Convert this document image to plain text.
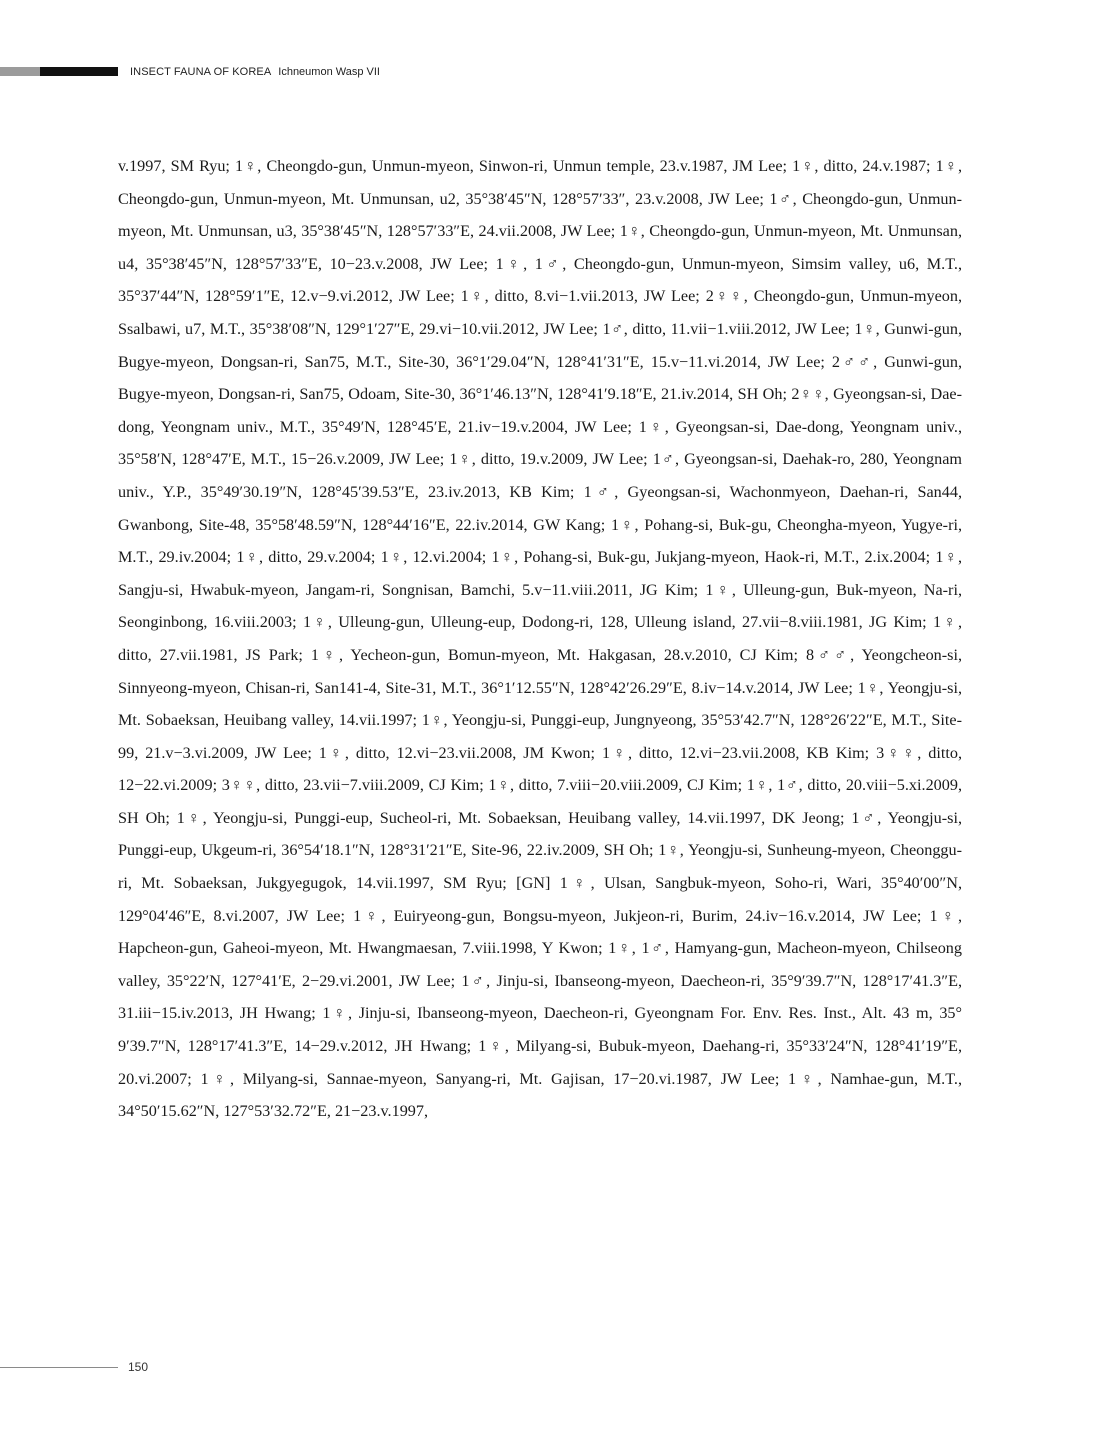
INSECT FAUNA OF KOREA Ichneumon Wasp VII

v.1997, SM Ryu; 1♀, Cheongdo-gun, Unmun-myeon, Sinwon-ri, Unmun temple, 23.v.1987, JM Lee; 1♀, ditto, 24.v.1987; 1♀, Cheongdo-gun, Unmun-myeon, Mt. Unmunsan, u2, 35°38′45″N, 128°57′33″, 23.v.2008, JW Lee; 1♂, Cheongdo-gun, Unmun-myeon, Mt. Unmunsan, u3, 35°38′45″N, 128°57′33″E, 24.vii.2008, JW Lee; 1♀, Cheongdo-gun, Unmun-myeon, Mt. Unmunsan, u4, 35°38′45″N, 128°57′33″E, 10−23.v.2008, JW Lee; 1♀, 1♂, Cheongdo-gun, Unmun-myeon, Simsim valley, u6, M.T., 35°37′44″N, 128°59′1″E, 12.v−9.vi.2012, JW Lee; 1♀, ditto, 8.vi−1.vii.2013, JW Lee; 2♀♀, Cheongdo-gun, Unmun-myeon, Ssalbawi, u7, M.T., 35°38′08″N, 129°1′27″E, 29.vi−10.vii.2012, JW Lee; 1♂, ditto, 11.vii−1.viii.2012, JW Lee; 1♀, Gunwi-gun, Bugye-myeon, Dongsan-ri, San75, M.T., Site-30, 36°1′29.04″N, 128°41′31″E, 15.v−11.vi.2014, JW Lee; 2♂♂, Gunwi-gun, Bugye-myeon, Dongsan-ri, San75, Odoam, Site-30, 36°1′46.13″N, 128°41′9.18″E, 21.iv.2014, SH Oh; 2♀♀, Gyeongsan-si, Dae-dong, Yeongnam univ., M.T., 35°49′N, 128°45′E, 21.iv−19.v.2004, JW Lee; 1♀, Gyeongsan-si, Dae-dong, Yeongnam univ., 35°58′N, 128°47′E, M.T., 15−26.v.2009, JW Lee; 1♀, ditto, 19.v.2009, JW Lee; 1♂, Gyeongsan-si, Daehak-ro, 280, Yeongnam univ., Y.P., 35°49′30.19″N, 128°45′39.53″E, 23.iv.2013, KB Kim; 1♂, Gyeongsan-si, Wachonmyeon, Daehan-ri, San44, Gwanbong, Site-48, 35°58′48.59″N, 128°44′16″E, 22.iv.2014, GW Kang; 1♀, Pohang-si, Buk-gu, Cheongha-myeon, Yugye-ri, M.T., 29.iv.2004; 1♀, ditto, 29.v.2004; 1♀, 12.vi.2004; 1♀, Pohang-si, Buk-gu, Jukjang-myeon, Haok-ri, M.T., 2.ix.2004; 1♀, Sangju-si, Hwabuk-myeon, Jangam-ri, Songnisan, Bamchi, 5.v−11.viii.2011, JG Kim; 1♀, Ulleung-gun, Buk-myeon, Na-ri, Seonginbong, 16.viii.2003; 1♀, Ulleung-gun, Ulleung-eup, Dodong-ri, 128, Ulleung island, 27.vii−8.viii.1981, JG Kim; 1♀, ditto, 27.vii.1981, JS Park; 1♀, Yecheon-gun, Bomun-myeon, Mt. Hakgasan, 28.v.2010, CJ Kim; 8♂♂, Yeongcheon-si, Sinnyeong-myeon, Chisan-ri, San141-4, Site-31, M.T., 36°1′12.55″N, 128°42′26.29″E, 8.iv−14.v.2014, JW Lee; 1♀, Yeongju-si, Mt. Sobaeksan, Heuibang valley, 14.vii.1997; 1♀, Yeongju-si, Punggi-eup, Jungnyeong, 35°53′42.7″N, 128°26′22″E, M.T., Site-99, 21.v−3.vi.2009, JW Lee; 1♀, ditto, 12.vi−23.vii.2008, JM Kwon; 1♀, ditto, 12.vi−23.vii.2008, KB Kim; 3♀♀, ditto, 12−22.vi.2009; 3♀♀, ditto, 23.vii−7.viii.2009, CJ Kim; 1♀, ditto, 7.viii−20.viii.2009, CJ Kim; 1♀, 1♂, ditto, 20.viii−5.xi.2009, SH Oh; 1♀, Yeongju-si, Punggi-eup, Sucheol-ri, Mt. Sobaeksan, Heuibang valley, 14.vii.1997, DK Jeong; 1♂, Yeongju-si, Punggi-eup, Ukgeum-ri, 36°54′18.1″N, 128°31′21″E, Site-96, 22.iv.2009, SH Oh; 1♀, Yeongju-si, Sunheung-myeon, Cheonggu-ri, Mt. Sobaeksan, Jukgyegugok, 14.vii.1997, SM Ryu; [GN] 1♀, Ulsan, Sangbuk-myeon, Soho-ri, Wari, 35°40′00″N, 129°04′46″E, 8.vi.2007, JW Lee; 1♀, Euiryeong-gun, Bongsu-myeon, Jukjeon-ri, Burim, 24.iv−16.v.2014, JW Lee; 1♀, Hapcheon-gun, Gaheoi-myeon, Mt. Hwangmaesan, 7.viii.1998, Y Kwon; 1♀, 1♂, Hamyang-gun, Macheon-myeon, Chilseong valley, 35°22′N, 127°41′E, 2−29.vi.2001, JW Lee; 1♂, Jinju-si, Ibanseong-myeon, Daecheon-ri, 35°9′39.7″N, 128°17′41.3″E, 31.iii−15.iv.2013, JH Hwang; 1♀, Jinju-si, Ibanseong-myeon, Daecheon-ri, Gyeongnam For. Env. Res. Inst., Alt. 43 m, 35° 9′39.7″N, 128°17′41.3″E, 14−29.v.2012, JH Hwang; 1♀, Milyang-si, Bubuk-myeon, Daehang-ri, 35°33′24″N, 128°41′19″E, 20.vi.2007; 1♀, Milyang-si, Sannae-myeon, Sanyang-ri, Mt. Gajisan, 17−20.vi.1987, JW Lee; 1♀, Namhae-gun, M.T., 34°50′15.62″N, 127°53′32.72″E, 21−23.v.1997,

150
